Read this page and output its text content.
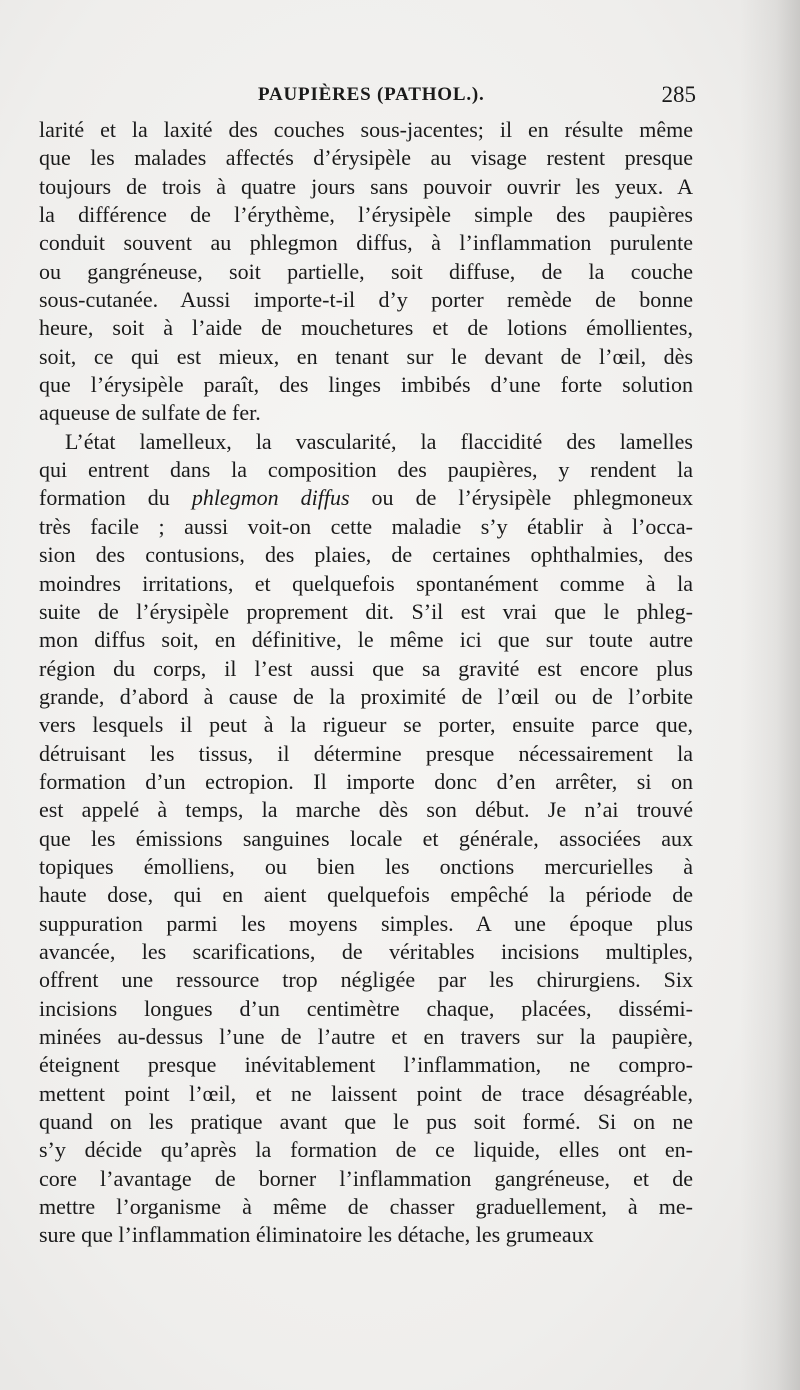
PAUPIÈRES (PATHOL.).	285
larité et la laxité des couches sous-jacentes; il en résulte même
que les malades affectés d’érysipèle au visage restent presque
toujours de trois à quatre jours sans pouvoir ouvrir les yeux. A
la différence de l’érythème, l’érysipèle simple des paupières
conduit souvent au phlegmon diffus, à l’inflammation purulente
ou gangréneuse, soit partielle, soit diffuse, de la couche
sous-cutanée. Aussi importe-t-il d’y porter remède de bonne
heure, soit à l’aide de mouchetures et de lotions émollientes,
soit, ce qui est mieux, en tenant sur le devant de l’œil, dès
que l’érysipèle paraît, des linges imbibés d’une forte solution
aqueuse de sulfate de fer.
L’état lamelleux, la vascularité, la flaccidité des lamelles
qui entrent dans la composition des paupières, y rendent la
formation du phlegmon diffus ou de l’érysipèle phlegmoneux
très facile ; aussi voit-on cette maladie s’y établir à l’occa-
sion des contusions, des plaies, de certaines ophthalmies, des
moindres irritations, et quelquefois spontanément comme à la
suite de l’érysipèle proprement dit. S’il est vrai que le phleg-
mon diffus soit, en définitive, le même ici que sur toute autre
région du corps, il l’est aussi que sa gravité est encore plus
grande, d’abord à cause de la proximité de l’œil ou de l’orbite
vers lesquels il peut à la rigueur se porter, ensuite parce que,
détruisant les tissus, il détermine presque nécessairement la
formation d’un ectropion. Il importe donc d’en arrêter, si on
est appelé à temps, la marche dès son début. Je n’ai trouvé
que les émissions sanguines locale et générale, associées aux
topiques émolliens, ou bien les onctions mercurielles à
haute dose, qui en aient quelquefois empêché la période de
suppuration parmi les moyens simples. A une époque plus
avancée, les scarifications, de véritables incisions multiples,
offrent une ressource trop négligée par les chirurgiens. Six
incisions longues d’un centimètre chaque, placées, dissémi-
minées au-dessus l’une de l’autre et en travers sur la paupière,
éteignent presque inévitablement l’inflammation, ne compro-
mettent point l’œil, et ne laissent point de trace désagréable,
quand on les pratique avant que le pus soit formé. Si on ne
s’y décide qu’après la formation de ce liquide, elles ont en-
core l’avantage de borner l’inflammation gangréneuse, et de
mettre l’organisme à même de chasser graduellement, à me-
sure que l’inflammation éliminatoire les détache, les grumeaux
